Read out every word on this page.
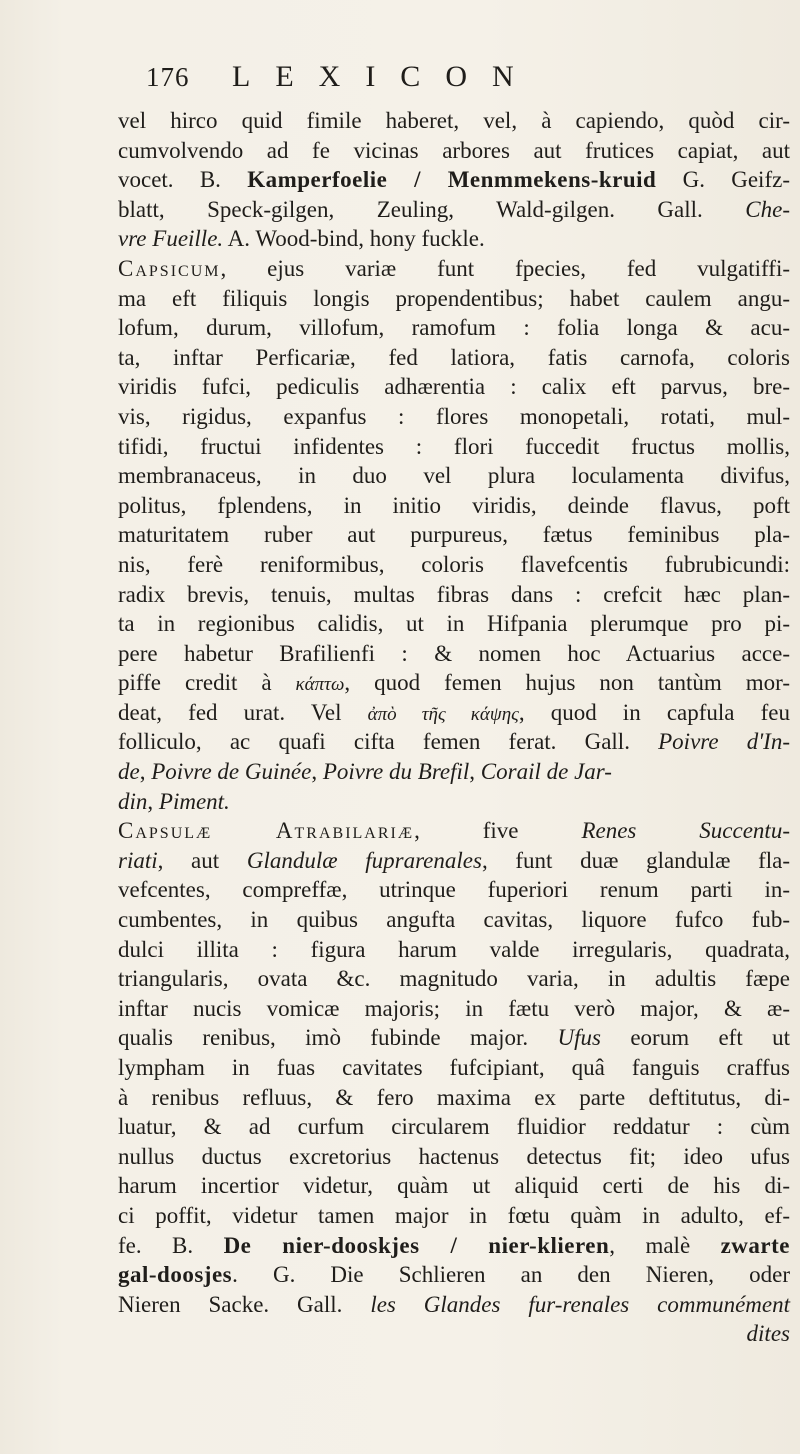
176 LEXICON
vel hirco quid fimile haberet, vel, à capiendo, quòd cir-
cumvolvendo ad fe vicinas arbores aut frutices capiat, aut
vocet. B. Kamperfoelie / Menmmekens-kruid G. Geifz-
blatt, Speck-gilgen, Zeuling, Wald-gilgen. Gall. Che-
vre Fueille. A. Wood-bind, hony fuckle.
Capsicum, ejus variæ funt fpecies, fed vulgatiffi-
ma eft filiquis longis propendentibus; habet caulem angu-
lofum, durum, villofum, ramofum : folia longa & acu-
ta, inftar Perficariæ, fed latiora, fatis carnofa, coloris
viridis fufci, pediculis adhærentia : calix eft parvus, bre-
vis, rigidus, expanfus : flores monopetali, rotati, mul-
tifidi, fructui infidentes : flori fuccedit fructus mollis,
membranaceus, in duo vel plura loculamenta divifus,
politus, fplendens, in initio viridis, deinde flavus, poft
maturitatem ruber aut purpureus, fætus feminibus pla-
nis, ferè reniformibus, coloris flavefcentis fubrubicundi:
radix brevis, tenuis, multas fibras dans : crefcit hæc plan-
ta in regionibus calidis, ut in Hifpania plerumque pro pi-
pere habetur Brafilienfi : & nomen hoc Actuarius acce-
piffe credit à κάπτω, quod femen hujus non tantùm mor-
deat, fed urat. Vel ἀπὸ τῆς κάψης, quod in capfula feu
folliculo, ac quafi cifta femen ferat. Gall. Poivre d'In-
de, Poivre de Guinée, Poivre du Brefil, Corail de Jar-
din, Piment.
Capsulæ Atrabilariæ, five Renes Succentu-
riati, aut Glandulæ fuprarenales, funt duæ glandulæ fla-
vefcentes, compreffæ, utrinque fuperiori renum parti in-
cumbentes, in quibus angufta cavitas, liquore fufco fub-
dulci illita : figura harum valde irregularis, quadrata,
triangularis, ovata &c. magnitudo varia, in adultis fæpe
inftar nucis vomicæ majoris; in fætu verò major, & æ-
qualis renibus, imò fubinde major. Ufus eorum eft ut
lympham in fuas cavitates fufcipiant, quâ fanguis craffus
à renibus refluus, & fero maxima ex parte deftitutus, di-
luatur, & ad curfum circularem fluidior reddatur : cùm
nullus ductus excretorius hactenus detectus fit; ideo ufus
harum incertior videtur, quàm ut aliquid certi de his di-
ci poffit, videtur tamen major in fœtu quàm in adulto, ef-
fe. B. De nier-dooskjes / nier-klieren, malè zwarte
gal-doosjes. G. Die Schlieren an den Nieren, oder
Nieren Sacke. Gall. les Glandes fur-renales communément
dites
